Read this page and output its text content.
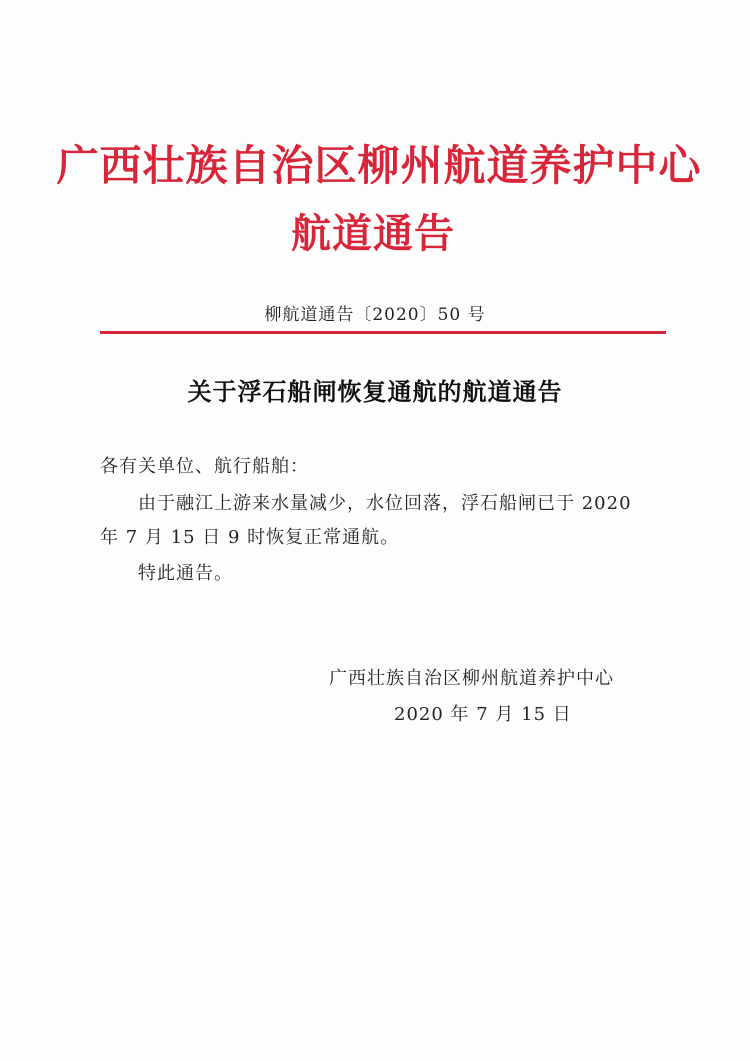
广西壮族自治区柳州航道养护中心
航道通告
柳航道通告〔2020〕50 号
关于浮石船闸恢复通航的航道通告
各有关单位、航行船舶：
由于融江上游来水量减少，水位回落，浮石船闸已于 2020
年 7 月 15 日 9 时恢复正常通航。
特此通告。
广西壮族自治区柳州航道养护中心
2020 年 7 月 15 日
